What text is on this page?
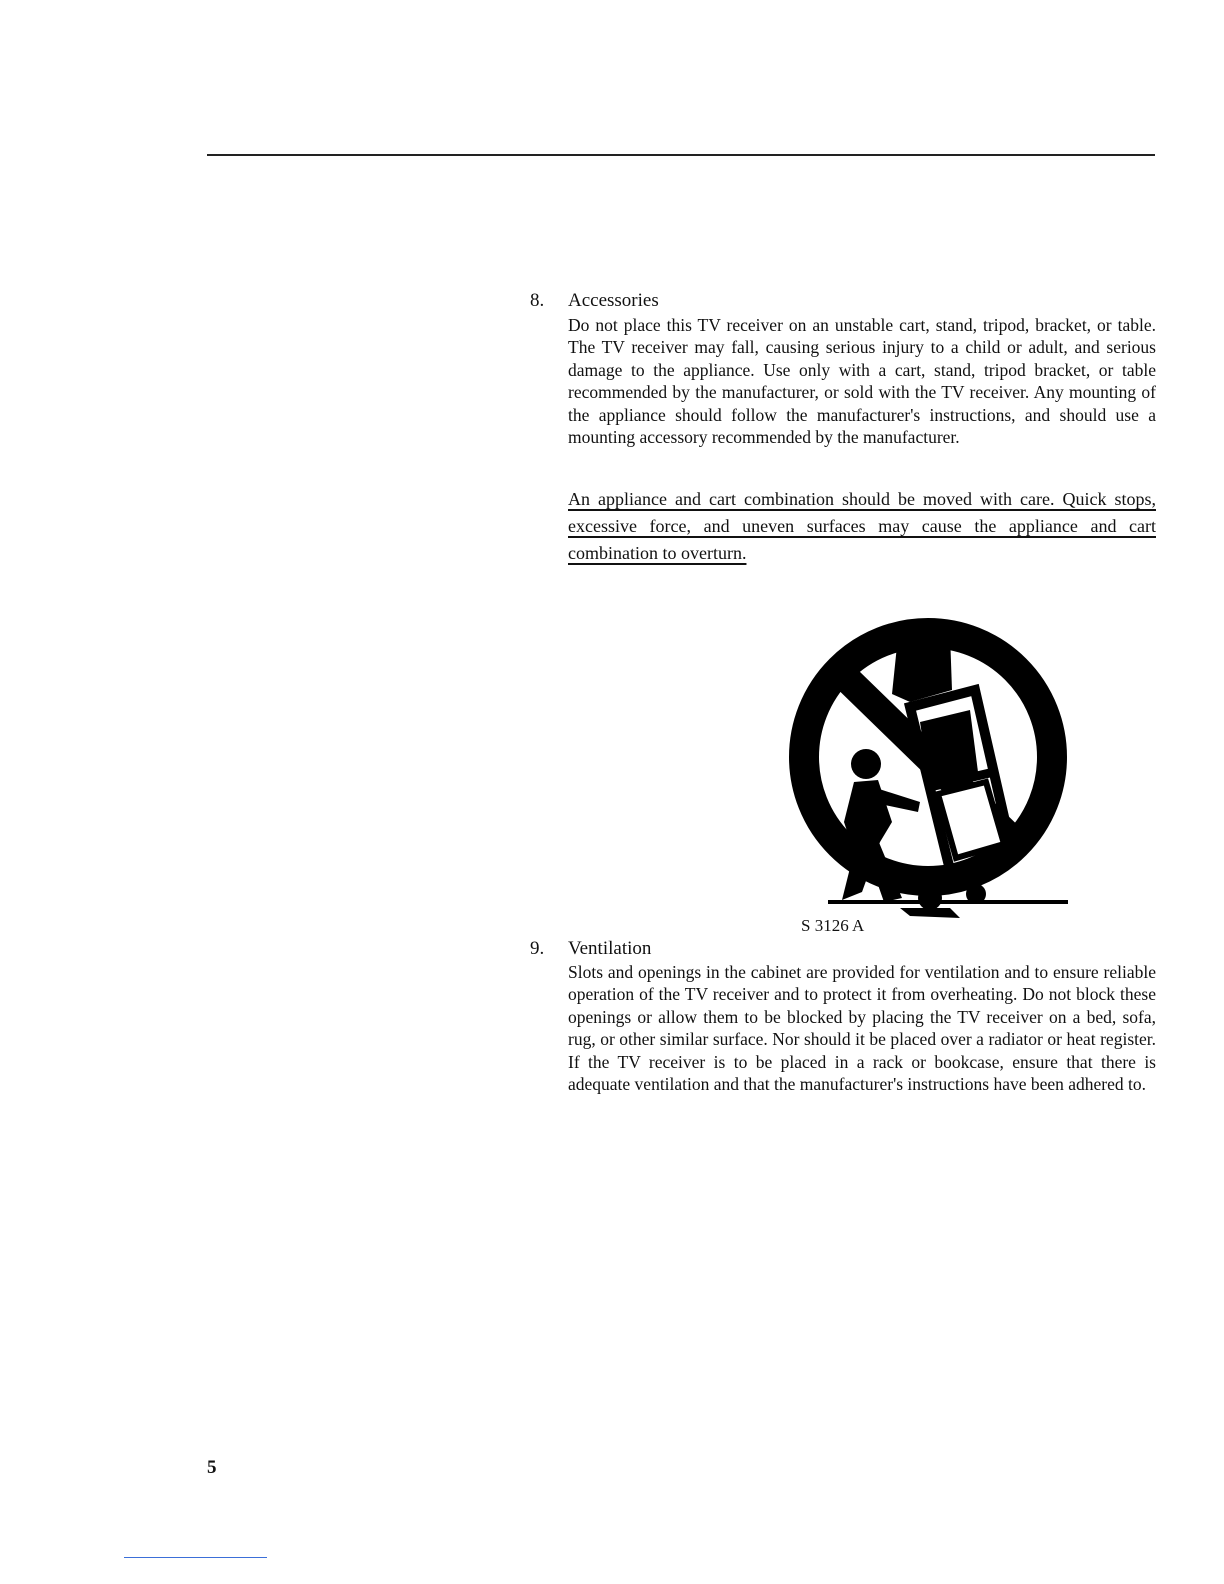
8. Accessories
Do not place this TV receiver on an unstable cart, stand, tripod, bracket, or table. The TV receiver may fall, causing serious injury to a child or adult, and serious damage to the appliance. Use only with a cart, stand, tripod bracket, or table recommended by the manufacturer, or sold with the TV receiver. Any mounting of the appliance should follow the manufacturer's instructions, and should use a mounting accessory recommended by the manufacturer.
An appliance and cart combination should be moved with care. Quick stops, excessive force, and uneven surfaces may cause the appliance and cart combination to overturn.
S 3126 A
9. Ventilation
Slots and openings in the cabinet are provided for ventilation and to ensure reliable operation of the TV receiver and to protect it from overheating. Do not block these openings or allow them to be blocked by placing the TV receiver on a bed, sofa, rug, or other similar surface. Nor should it be placed over a radiator or heat register. If the TV receiver is to be placed in a rack or bookcase, ensure that there is adequate ventilation and that the manufacturer's instructions have been adhered to.
5
